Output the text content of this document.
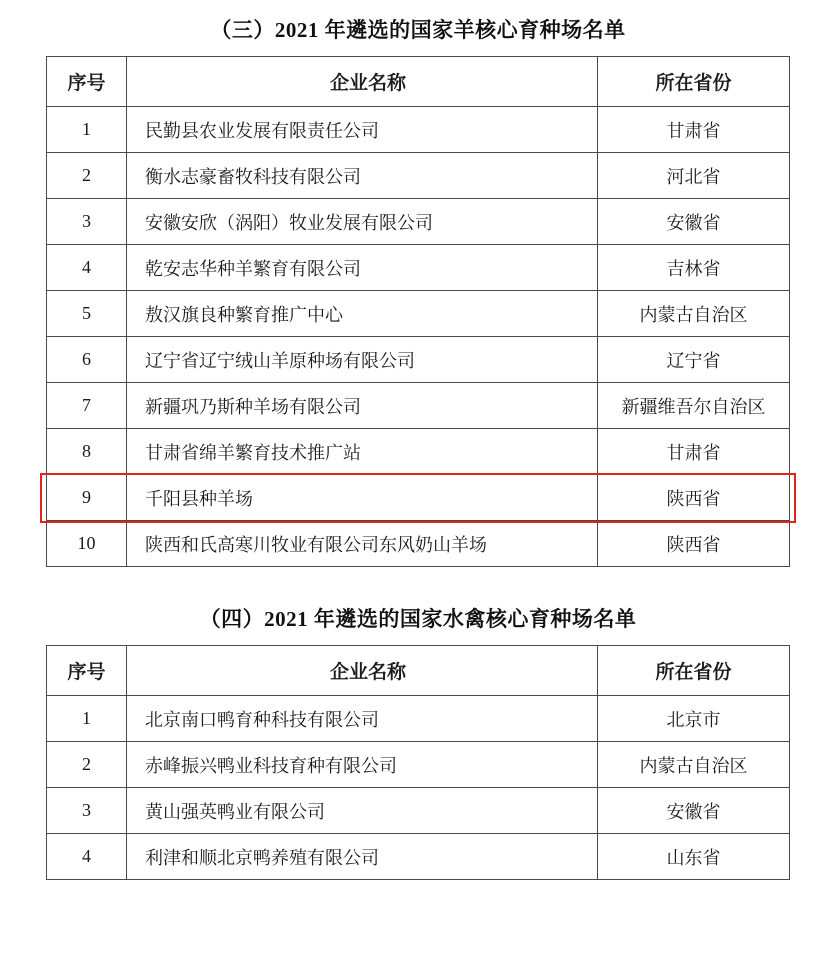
（三）2021 年遴选的国家羊核心育种场名单
序号	企业名称	所在省份
1	民勤县农业发展有限责任公司	甘肃省
2	衡水志豪畜牧科技有限公司	河北省
3	安徽安欣（涡阳）牧业发展有限公司	安徽省
4	乾安志华种羊繁育有限公司	吉林省
5	敖汉旗良种繁育推广中心	内蒙古自治区
6	辽宁省辽宁绒山羊原种场有限公司	辽宁省
7	新疆巩乃斯种羊场有限公司	新疆维吾尔自治区
8	甘肃省绵羊繁育技术推广站	甘肃省
9	千阳县种羊场	陕西省
10	陕西和氏高寒川牧业有限公司东风奶山羊场	陕西省
（四）2021 年遴选的国家水禽核心育种场名单
序号	企业名称	所在省份
1	北京南口鸭育种科技有限公司	北京市
2	赤峰振兴鸭业科技育种有限公司	内蒙古自治区
3	黄山强英鸭业有限公司	安徽省
4	利津和顺北京鸭养殖有限公司	山东省
